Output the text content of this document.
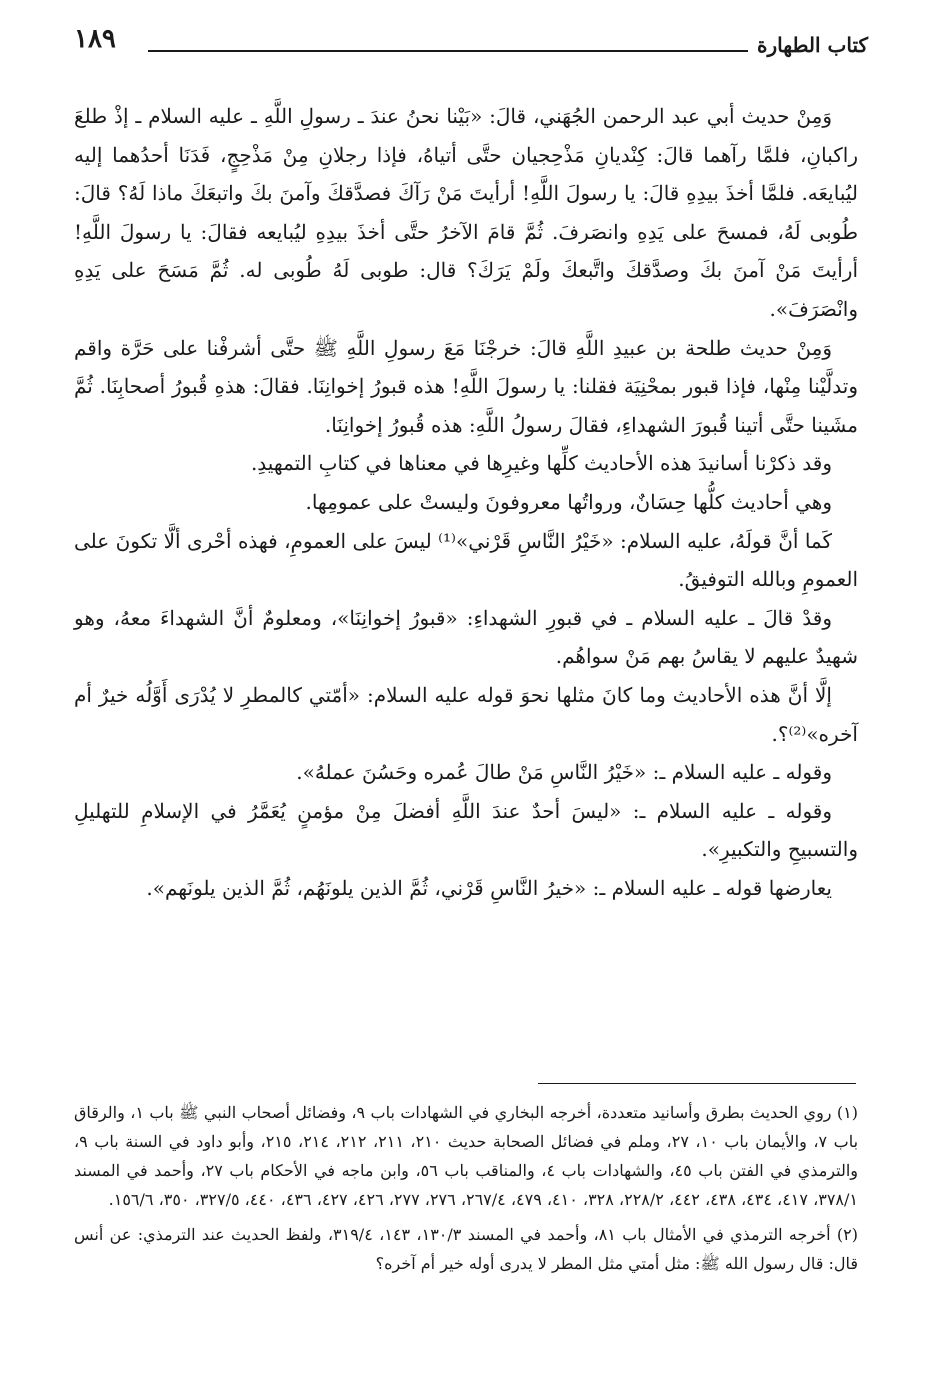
كتاب الطهارة
١٨٩

وَمِنْ حديث أبي عبد الرحمن الجُهَني، قالَ: «بَيْنا نحنُ عندَ ـ رسولِ اللَّهِ ـ عليه السلام ـ إذْ طلعَ راكبانِ، فلمَّا رآهما قالَ: كِنْديانِ مَذْحِجيان حتَّى أتياهُ، فإذا رجلانِ مِنْ مَذْحِجٍ، فَدَنَا أحدُهما إليه ليُبايعَه. فلمَّا أخذَ بيدِهِ قالَ: يا رسولَ اللَّهِ! أرأيتَ مَنْ رَآكَ فصدَّقكَ وآمنَ بكَ واتبعَكَ ماذا لَهُ؟ قالَ: طُوبى لَهُ، فمسحَ على يَدِهِ وانصَرفَ. ثُمَّ قامَ الآخرُ حتَّى أخذَ بيدِهِ ليُبايعه فقالَ: يا رسولَ اللَّهِ! أرأيتَ مَنْ آمنَ بكَ وصدَّقكَ واتَّبعكَ ولَمْ يَرَكَ؟ قال: طوبى لَهُ طُوبى له. ثُمَّ مَسَحَ على يَدِهِ وانْصَرَفَ».

وَمِنْ حديث طلحة بن عبيدِ اللَّهِ قالَ: خرجْنَا مَعَ رسولِ اللَّهِ ﷺ حتَّى أشرفْنا على حَرَّة واقم وتدلَّيْنا مِنْها، فإذا قبور بمحْنِيَة فقلنا: يا رسولَ اللَّهِ! هذه قبورُ إخوانِنَا. فقالَ: هذهِ قُبورُ أصحابِنَا. ثُمَّ مشَينا حتَّى أتينا قُبورَ الشهداءِ، فقالَ رسولُ اللَّهِ: هذه قُبورُ إخوانِنَا.

وقد ذكرْنا أسانيدَ هذه الأحاديث كلِّها وغيرِها في معناها في كتابِ التمهيدِ.

وهي أحاديث كلُّها حِسَانٌ، ورواتُها معروفونَ وليستْ على عمومِها.

كَما أنَّ قولَهُ، عليه السلام: «خَيْرُ النَّاسِ قَرْني»⁽¹⁾ ليسَ على العمومِ، فهذه أحْرى ألَّا تكونَ على العمومِ وبالله التوفيقُ.

وقدْ قالَ ـ عليه السلام ـ في قبورِ الشهداءِ: «قبورُ إخوانِنَا»، ومعلومٌ أنَّ الشهداءَ معهُ، وهو شهيدٌ عليهم لا يقاسُ بهم مَنْ سواهُم.

إلَّا أنَّ هذه الأحاديث وما كانَ مثلها نحوَ قوله عليه السلام: «أمّتي كالمطرِ لا يُدْرَى أَوَّلُه خيرٌ أم آخره»⁽²⁾؟.

وقوله ـ عليه السلام ـ: «خَيْرُ النَّاسِ مَنْ طالَ عُمره وحَسُنَ عملهُ».

وقوله ـ عليه السلام ـ: «ليسَ أحدٌ عندَ اللَّهِ أفضلَ مِنْ مؤمنٍ يُعَمَّرُ في الإسلامِ للتهليلِ والتسبيحِ والتكبيرِ».

يعارضها قوله ـ عليه السلام ـ: «خيرُ النَّاسِ قَرْني، ثُمَّ الذين يلونَهُم، ثُمَّ الذين يلونَهم».

(١) روي الحديث بطرق وأسانيد متعددة، أخرجه البخاري في الشهادات باب ٩، وفضائل أصحاب النبي ﷺ باب ١، والرقاق باب ٧، والأيمان باب ١٠، ٢٧، وملم في فضائل الصحابة حديث ٢١٠، ٢١١، ٢١٢، ٢١٤، ٢١٥، وأبو داود في السنة باب ٩، والترمذي في الفتن باب ٤٥، والشهادات باب ٤، والمناقب باب ٥٦، وابن ماجه في الأحكام باب ٢٧، وأحمد في المسند ٣٧٨/١، ٤١٧، ٤٣٤، ٤٣٨، ٤٤٢، ٢٢٨/٢، ٣٢٨، ٤١٠، ٤٧٩، ٢٦٧/٤، ٢٧٦، ٢٧٧، ٤٢٦، ٤٢٧، ٤٣٦، ٤٤٠، ٣٢٧/٥، ٣٥٠، ١٥٦/٦.

(٢) أخرجه الترمذي في الأمثال باب ٨١، وأحمد في المسند ١٣٠/٣، ١٤٣، ٣١٩/٤، ولفظ الحديث عند الترمذي: عن أنس قال: قال رسول الله ﷺ: مثل أمتي مثل المطر لا يدرى أوله خير أم آخره؟
